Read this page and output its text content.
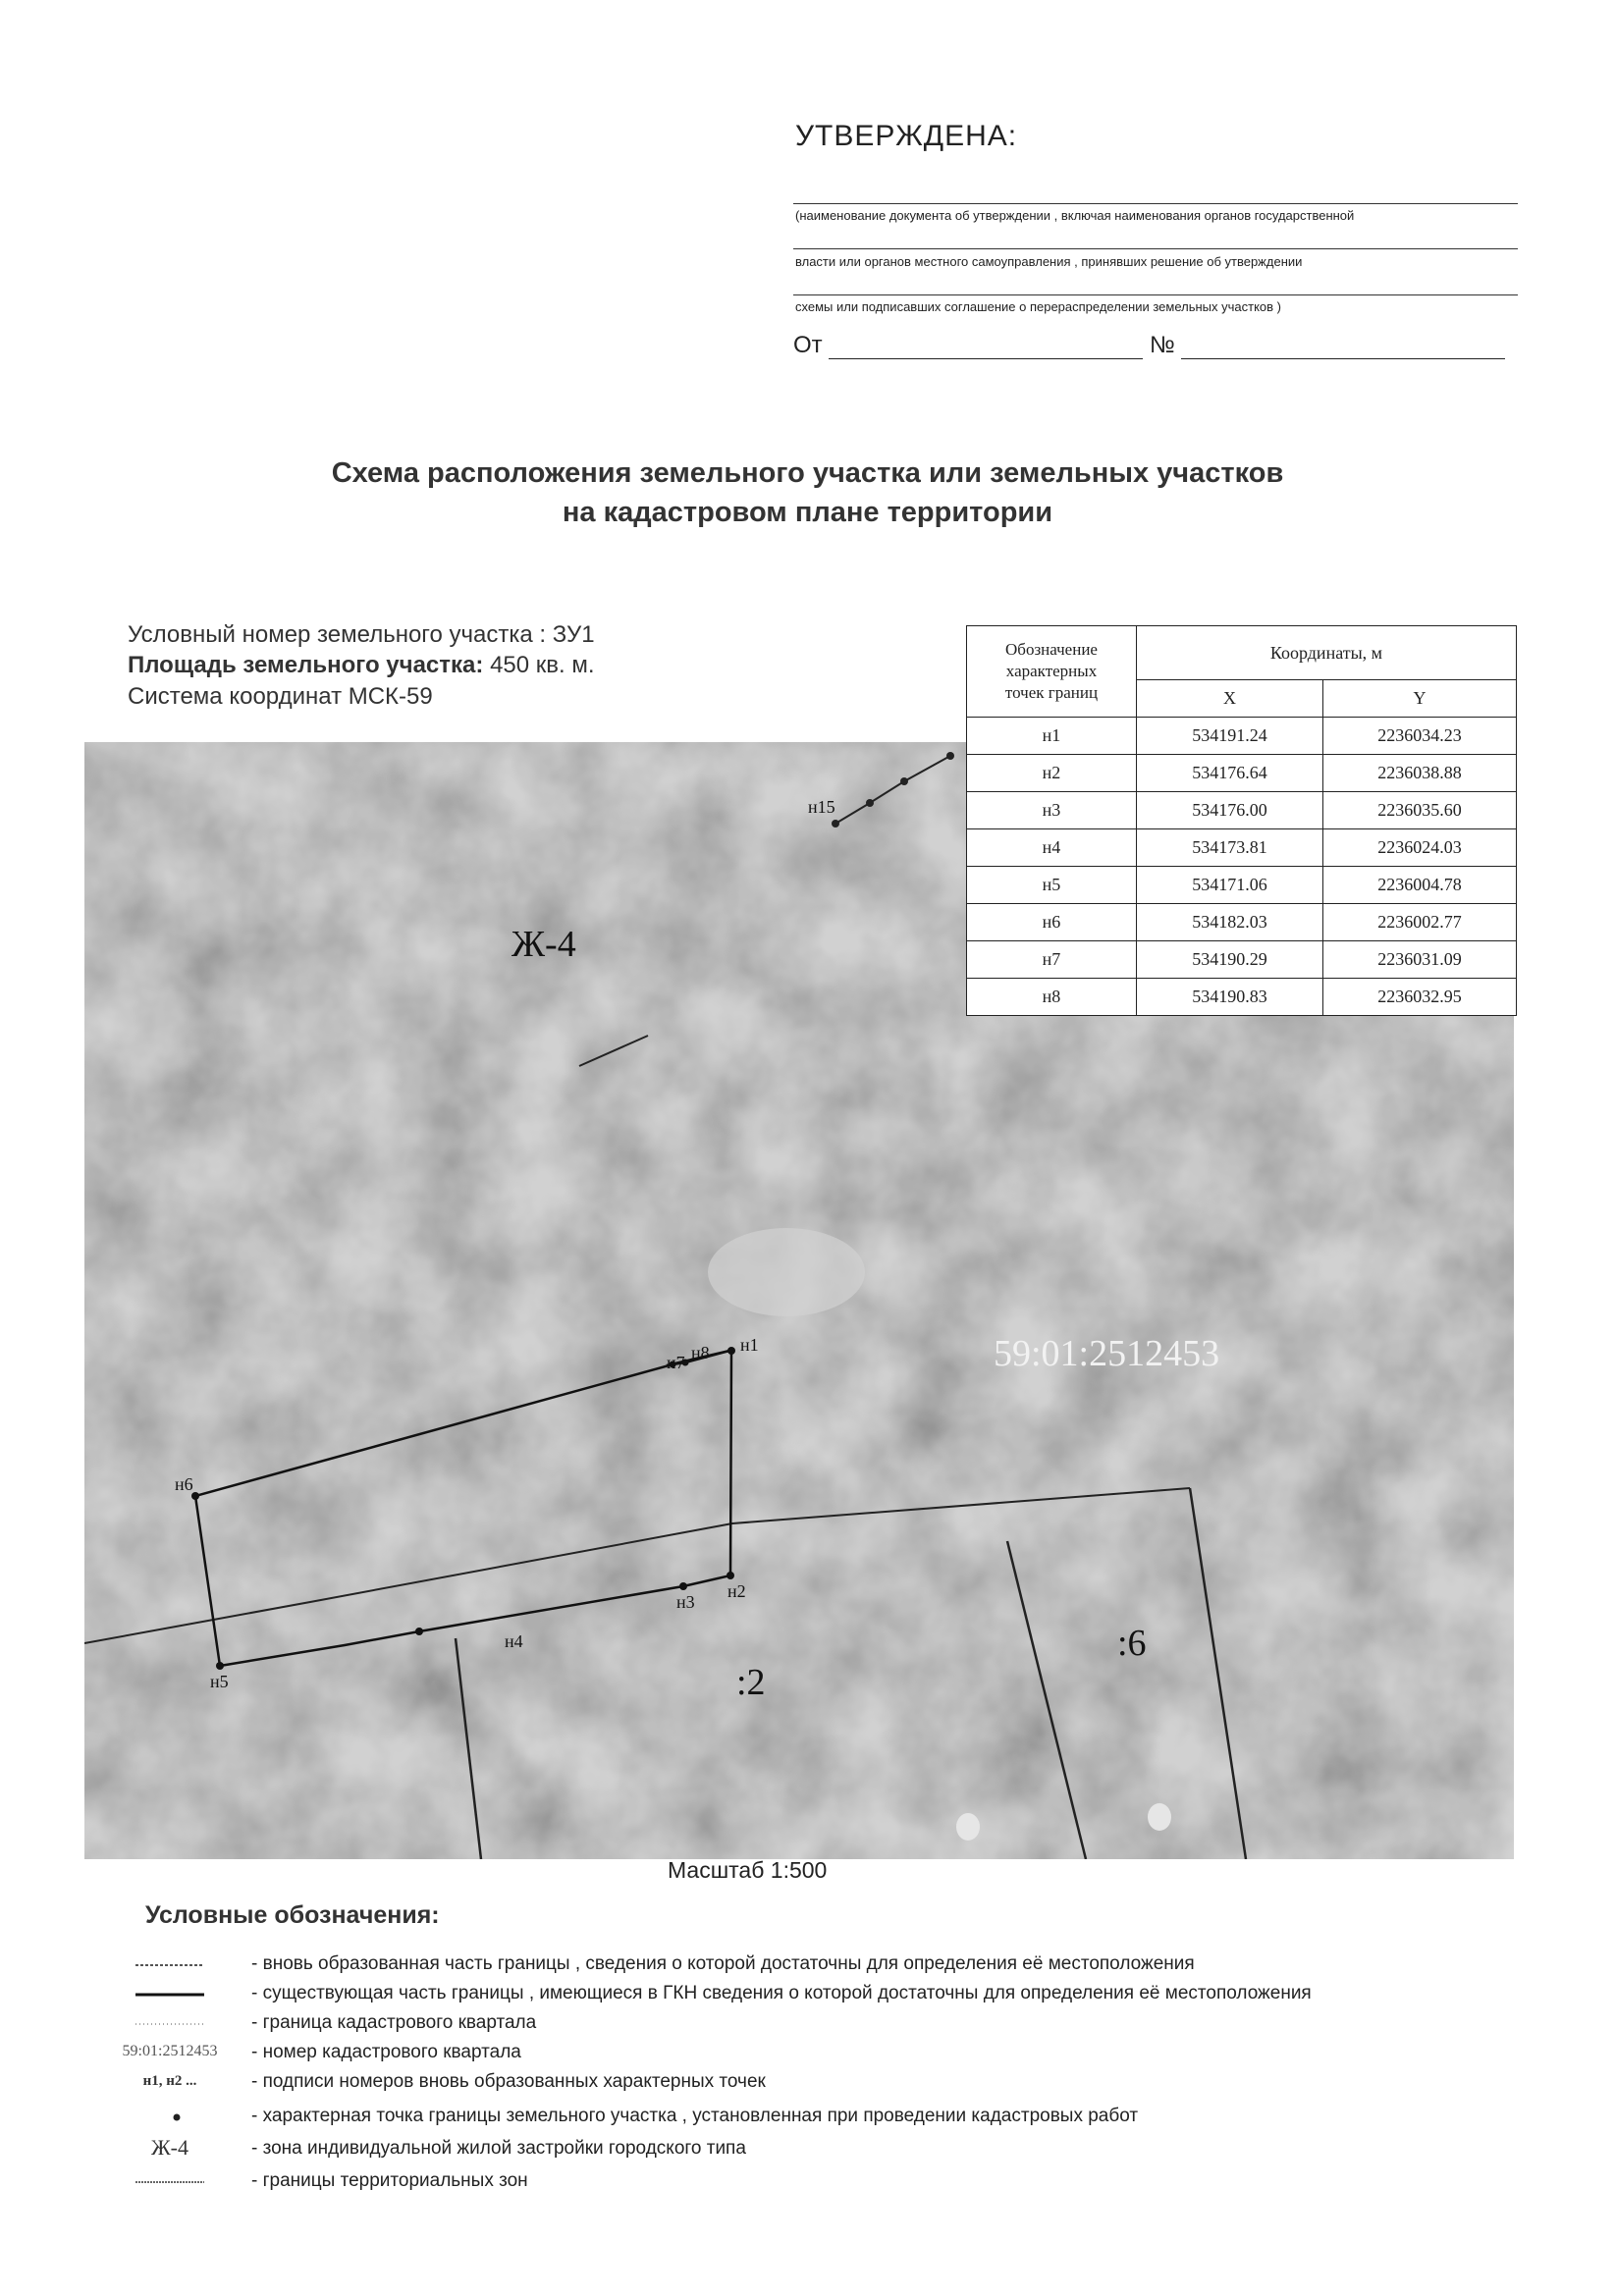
УТВЕРЖДЕНА:
(наименование документа об утверждении , включая наименования органов государственной
власти или органов местного самоуправления , принявших решение об утверждении
схемы или подписавших соглашение о перераспределении земельных участков )
От	№
Схема расположения земельного участка или земельных участков
на кадастровом плане территории
Условный номер земельного участка : ЗУ1
Площадь земельного участка: 450 кв. м.
Система координат МСК-59
Ж-4
59:01:2512453
:2
:6
н1
н8
н7
н6
н5
н4
н3
н2
н15
Обозначение
характерных
точек границ	Координаты, м	
	X	Y
н1	534191.24	2236034.23
н2	534176.64	2236038.88
н3	534176.00	2236035.60
н4	534173.81	2236024.03
н5	534171.06	2236004.78
н6	534182.03	2236002.77
н7	534190.29	2236031.09
н8	534190.83	2236032.95
Масштаб 1:500
Условные обозначения:
- вновь образованная часть границы , сведения о которой достаточны для определения её местоположения
- существующая часть границы , имеющиеся в ГКН сведения о которой достаточны для определения её местоположения
- граница кадастрового квартала
59:01:2512453	- номер кадастрового квартала
н1, н2 ...	- подписи номеров вновь образованных характерных точек
- характерная точка границы земельного участка , установленная при проведении кадастровых работ
Ж-4	- зона индивидуальной жилой застройки городского типа
- границы территориальных зон
